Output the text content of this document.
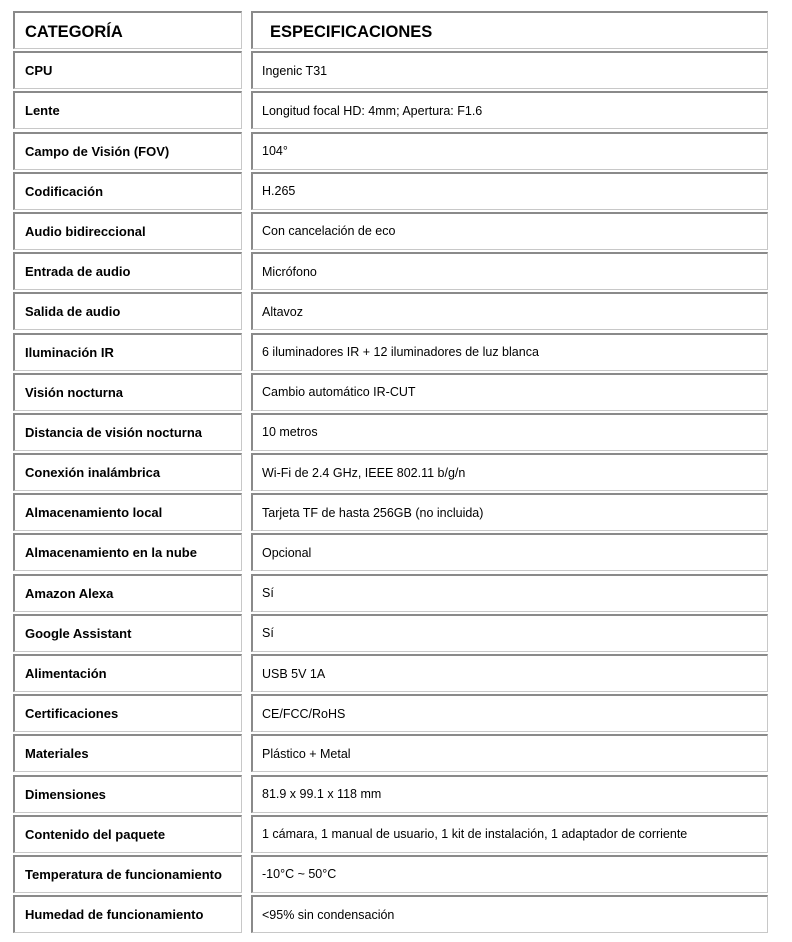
CATEGORÍA	ESPECIFICACIONES
CPU	Ingenic T31
Lente	Longitud focal HD: 4mm; Apertura: F1.6
Campo de Visión (FOV)	104°
Codificación	H.265
Audio bidireccional	Con cancelación de eco
Entrada de audio	Micrófono
Salida de audio	Altavoz
Iluminación IR	6 iluminadores IR + 12 iluminadores de luz blanca
Visión nocturna	Cambio automático IR-CUT
Distancia de visión nocturna	10 metros
Conexión inalámbrica	Wi-Fi de 2.4 GHz, IEEE 802.11 b/g/n
Almacenamiento local	Tarjeta TF de hasta 256GB (no incluida)
Almacenamiento en la nube	Opcional
Amazon Alexa	Sí
Google Assistant	Sí
Alimentación	USB 5V 1A
Certificaciones	CE/FCC/RoHS
Materiales	Plástico + Metal
Dimensiones	81.9 x 99.1 x 118 mm
Contenido del paquete	1 cámara, 1 manual de usuario, 1 kit de instalación, 1 adaptador de corriente
Temperatura de funcionamiento	-10°C ~ 50°C
Humedad de funcionamiento	<95% sin condensación
